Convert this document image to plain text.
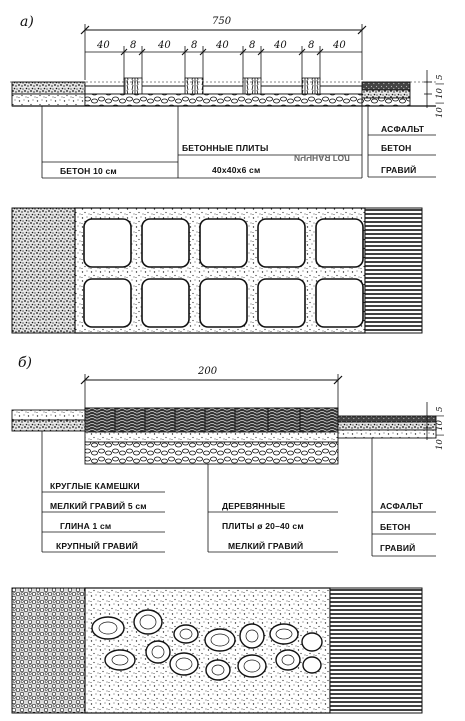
а)	750
40 8 40 8 40 8 40 8 40
10 | 10 | 5
БЕТОН 10 см
БЕТОННЫЕ ПЛИТЫ
40х40х6 см
ИЧЧНАЯ ГОЛ
АСФАЛЬТ
БЕТОН
ГРАВИЙ
б)
200
10 | 10 | 5
КРУГЛЫЕ КАМЕШКИ
МЕЛКИЙ ГРАВИЙ 5 см
ГЛИНА 1 см
КРУПНЫЙ ГРАВИЙ
ДЕРЕВЯННЫЕ
ПЛИТЫ ø 20–40 см
МЕЛКИЙ ГРАВИЙ
АСФАЛЬТ
БЕТОН
ГРАВИЙ
